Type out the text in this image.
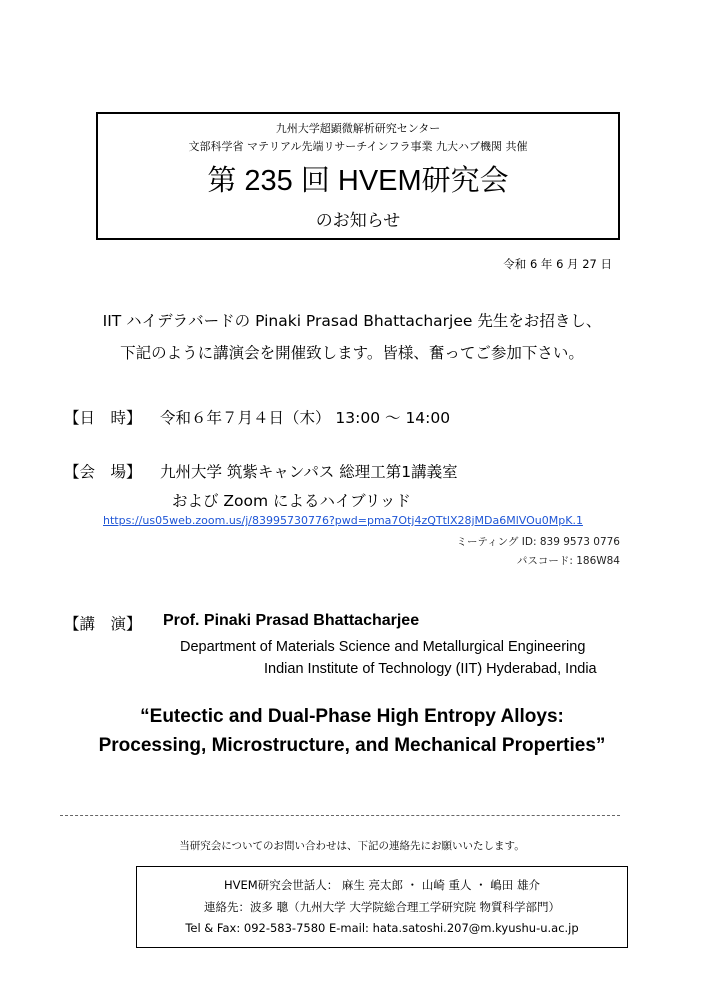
九州大学超顕微解析研究センター
文部科学省 マテリアル先端リサーチインフラ事業 九大ハブ機関 共催
第 235 回 HVEM研究会
のお知らせ
令和 6 年 6 月 27 日
IIT ハイデラバードの Pinaki Prasad Bhattacharjee 先生をお招きし、
下記のように講演会を開催致します。皆様、奮ってご参加下さい。
【日　時】 令和６年７月４日（木） 13:00 ～ 14:00
【会　場】 九州大学 筑紫キャンパス 総理工第1講義室
および Zoom によるハイブリッド
https://us05web.zoom.us/j/83995730776?pwd=pma7Otj4zQTtlX28jMDa6MlVOu0MpK.1
ミーティング ID: 839 9573 0776
パスコード: 186W84
【講　演】 Prof. Pinaki Prasad Bhattacharjee
Department of Materials Science and Metallurgical Engineering
Indian Institute of Technology (IIT) Hyderabad, India
“Eutectic and Dual-Phase High Entropy Alloys:
Processing, Microstructure, and Mechanical Properties”
当研究会についてのお問い合わせは、下記の連絡先にお願いいたします。
HVEM研究会世話人： 麻生 亮太郎 ・ 山崎 重人 ・ 嶋田 雄介
連絡先：波多 聰（九州大学 大学院総合理工学研究院 物質科学部門）
Tel & Fax: 092-583-7580 E-mail: hata.satoshi.207@m.kyushu-u.ac.jp
